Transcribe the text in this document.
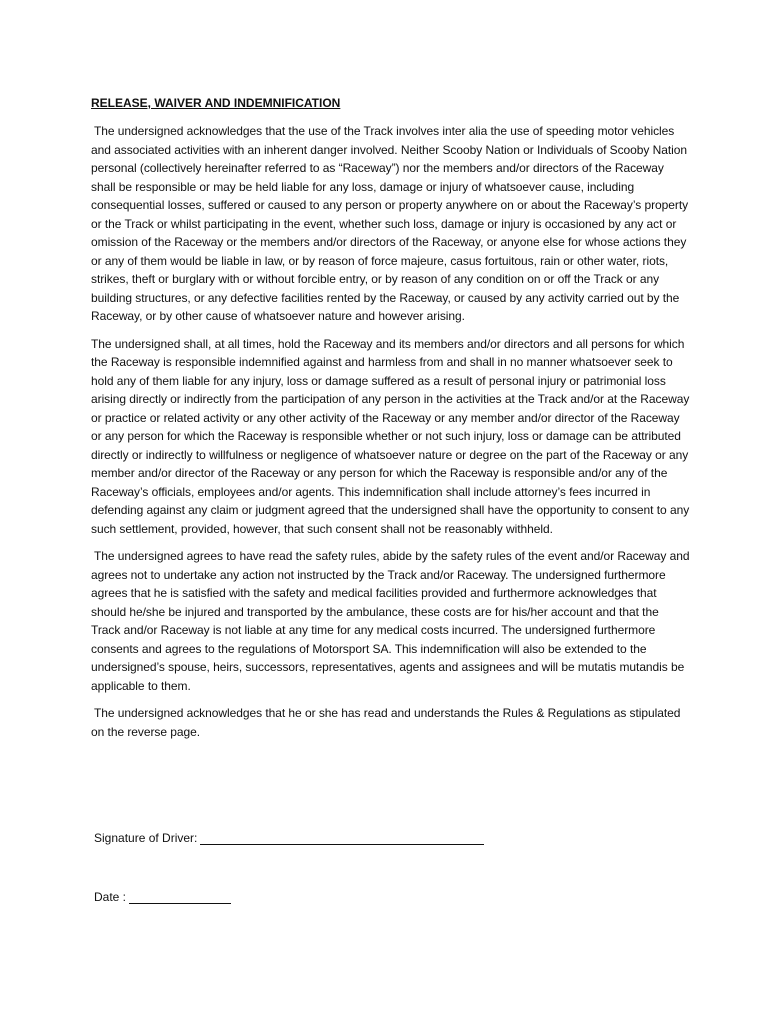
RELEASE, WAIVER AND INDEMNIFICATION

The undersigned acknowledges that the use of the Track involves inter alia the use of speeding motor vehicles and associated activities with an inherent danger involved. Neither Scooby Nation or Individuals of Scooby Nation personal (collectively hereinafter referred to as “Raceway”) nor the members and/or directors of the Raceway shall be responsible or may be held liable for any loss, damage or injury of whatsoever cause, including consequential losses, suffered or caused to any person or property anywhere on or about the Raceway’s property or the Track or whilst participating in the event, whether such loss, damage or injury is occasioned by any act or omission of the Raceway or the members and/or directors of the Raceway, or anyone else for whose actions they or any of them would be liable in law, or by reason of force majeure, casus fortuitous, rain or other water, riots, strikes, theft or burglary with or without forcible entry, or by reason of any condition on or off the Track or any building structures, or any defective facilities rented by the Raceway, or caused by any activity carried out by the Raceway, or by other cause of whatsoever nature and however arising.

The undersigned shall, at all times, hold the Raceway and its members and/or directors and all persons for which the Raceway is responsible indemnified against and harmless from and shall in no manner whatsoever seek to hold any of them liable for any injury, loss or damage suffered as a result of personal injury or patrimonial loss arising directly or indirectly from the participation of any person in the activities at the Track and/or at the Raceway or practice or related activity or any other activity of the Raceway or any member and/or director of the Raceway or any person for which the Raceway is responsible whether or not such injury, loss or damage can be attributed directly or indirectly to willfulness or negligence of whatsoever nature or degree on the part of the Raceway or any member and/or director of the Raceway or any person for which the Raceway is responsible and/or any of the Raceway’s officials, employees and/or agents. This indemnification shall include attorney’s fees incurred in defending against any claim or judgment agreed that the undersigned shall have the opportunity to consent to any such settlement, provided, however, that such consent shall not be reasonably withheld.

The undersigned agrees to have read the safety rules, abide by the safety rules of the event and/or Raceway and agrees not to undertake any action not instructed by the Track and/or Raceway. The undersigned furthermore agrees that he is satisfied with the safety and medical facilities provided and furthermore acknowledges that should he/she be injured and transported by the ambulance, these costs are for his/her account and that the Track and/or Raceway is not liable at any time for any medical costs incurred. The undersigned furthermore consents and agrees to the regulations of Motorsport SA. This indemnification will also be extended to the undersigned’s spouse, heirs, successors, representatives, agents and assignees and will be mutatis mutandis be applicable to them.

The undersigned acknowledges that he or she has read and understands the Rules & Regulations as stipulated on the reverse page.

Signature of Driver:
Date :
